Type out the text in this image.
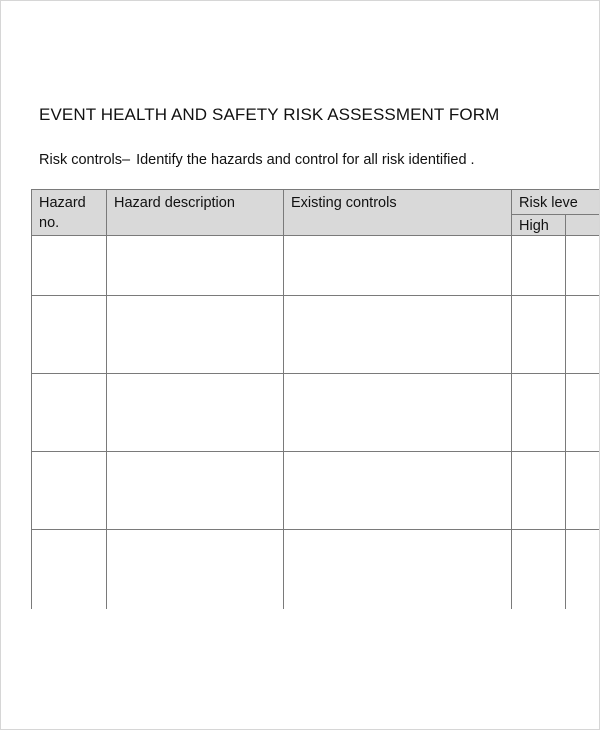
EVENT HEALTH AND SAFETY RISK ASSESSMENT FORM
Risk controls– Identify the hazards and control for all risk identified .
Hazard
no.	Hazard description	Existing controls	Risk leve	
			High	
